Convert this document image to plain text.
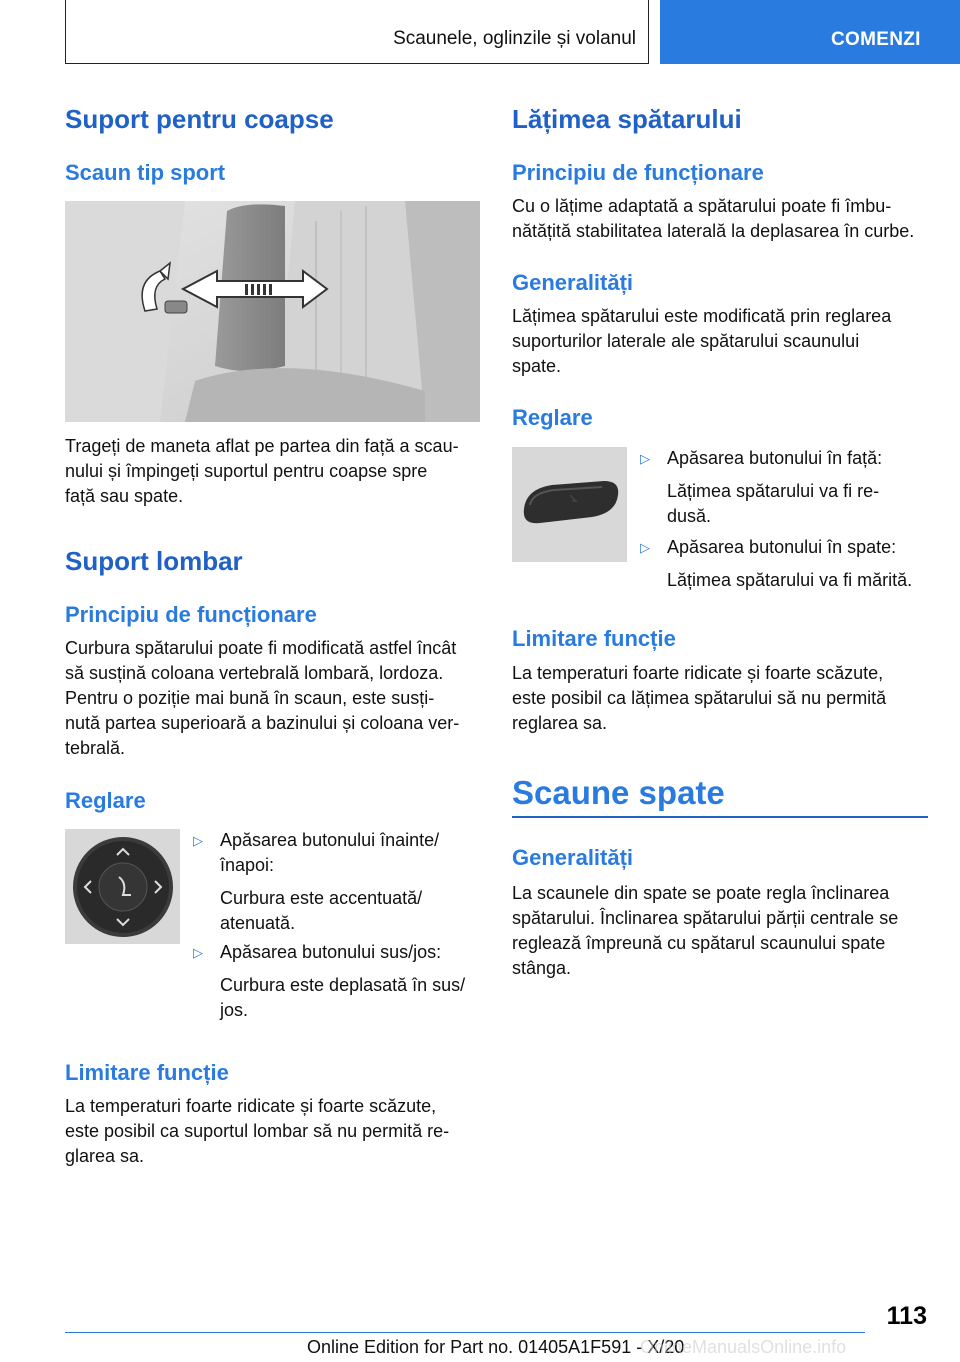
Scaunele, oglinzile și volanul	COMENZI
Suport pentru coapse
Scaun tip sport
Trageți de maneta aflat pe partea din față a scau-
nului și împingeți suportul pentru coapse spre
față sau spate.
Suport lombar
Principiu de funcționare
Curbura spătarului poate fi modificată astfel încât
să susțină coloana vertebrală lombară, lordoza.
Pentru o poziție mai bună în scaun, este susți-
nută partea superioară a bazinului și coloana ver-
tebrală.
Reglare
▷ Apăsarea butonului înainte/
înapoi:
Curbura este accentuată/
atenuată.
▷ Apăsarea butonului sus/jos:
Curbura este deplasată în sus/
jos.
Limitare funcție
La temperaturi foarte ridicate și foarte scăzute,
este posibil ca suportul lombar să nu permită re-
glarea sa.
Lățimea spătarului
Principiu de funcționare
Cu o lățime adaptată a spătarului poate fi îmbu-
nătățită stabilitatea laterală la deplasarea în curbe.
Generalități
Lățimea spătarului este modificată prin reglarea
suporturilor laterale ale spătarului scaunului
spate.
Reglare
▷ Apăsarea butonului în față:
Lățimea spătarului va fi re-
dusă.
▷ Apăsarea butonului în spate:
Lățimea spătarului va fi mărită.
Limitare funcție
La temperaturi foarte ridicate și foarte scăzute,
este posibil ca lățimea spătarului să nu permită
reglarea sa.
Scaune spate
Generalități
La scaunele din spate se poate regla înclinarea
spătarului. Înclinarea spătarului părții centrale se
reglează împreună cu spătarul scaunului spate
stânga.
113
Online Edition for Part no. 01405A1F591 - X/20
OnlineManualsOnline.info
